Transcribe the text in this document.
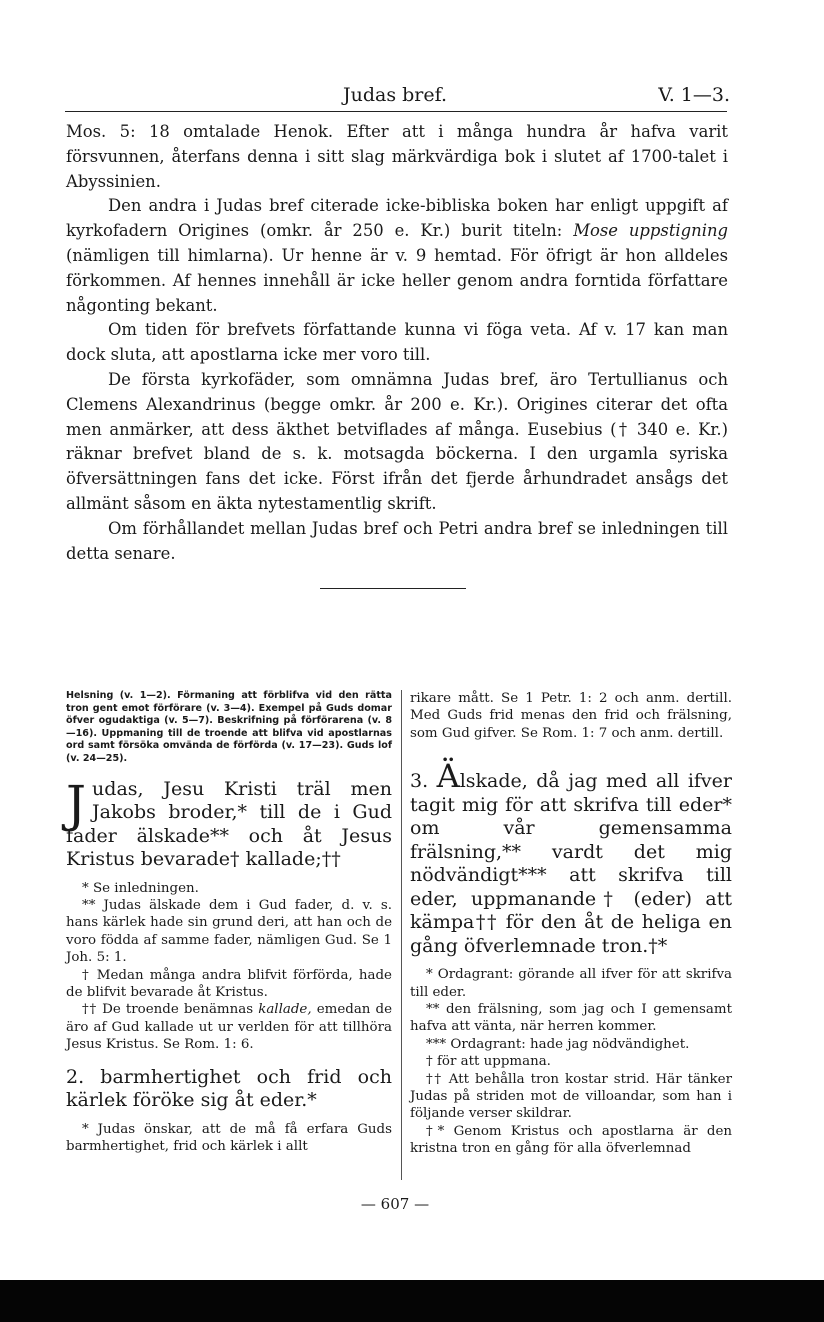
Judas bref.	V. 1—3.

Mos. 5: 18 omtalade Henok. Efter att i många hundra år hafva varit försvunnen, återfans denna i sitt slag märkvärdiga bok i slutet af 1700-talet i Abyssinien.

Den andra i Judas bref citerade icke-bibliska boken har enligt uppgift af kyrkofadern Origines (omkr. år 250 e. Kr.) burit titeln: Mose uppstigning (nämligen till himlarna). Ur henne är v. 9 hemtad. För öfrigt är hon alldeles förkommen. Af hennes innehåll är icke heller genom andra forntida författare någonting bekant.

Om tiden för brefvets författande kunna vi föga veta. Af v. 17 kan man dock sluta, att apostlarna icke mer voro till.

De första kyrkofäder, som omnämna Judas bref, äro Tertullianus och Clemens Alexandrinus (begge omkr. år 200 e. Kr.). Origines citerar det ofta men anmärker, att dess äkthet betviflades af många. Eusebius († 340 e. Kr.) räknar brefvet bland de s. k. motsagda böckerna. I den urgamla syriska öfversättningen fans det icke. Först ifrån det fjerde århundradet ansågs det allmänt såsom en äkta nytestamentlig skrift.

Om förhållandet mellan Judas bref och Petri andra bref se inledningen till detta senare.

Helsning (v. 1—2). Förmaning att förblifva vid den rätta tron gent emot förförare (v. 3—4). Exempel på Guds domar öfver ogudaktiga (v. 5—7). Beskrifning på förförarena (v. 8—16). Uppmaning till de troende att blifva vid apostlarnas ord samt försöka omvända de förförda (v. 17—23). Guds lof (v. 24—25).

Judas, Jesu Kristi träl men Jakobs broder,* till de i Gud fader älskade** och åt Jesus Kristus bevarade† kallade;††

* Se inledningen.

** Judas älskade dem i Gud fader, d. v. s. hans kärlek hade sin grund deri, att han och de voro födda af samme fader, nämligen Gud. Se 1 Joh. 5: 1.

† Medan många andra blifvit förförda, hade de blifvit bevarade åt Kristus.

†† De troende benämnas kallade, emedan de äro af Gud kallade ut ur verlden för att tillhöra Jesus Kristus. Se Rom. 1: 6.

2. barmhertighet och frid och kärlek föröke sig åt eder.*

* Judas önskar, att de må få erfara Guds barmhertighet, frid och kärlek i allt

rikare mått. Se 1 Petr. 1: 2 och anm. dertill. Med Guds frid menas den frid och frälsning, som Gud gifver. Se Rom. 1: 7 och anm. dertill.

3. Älskade, då jag med all ifver tagit mig för att skrifva till eder* om vår gemensamma frälsning,** vardt det mig nödvändigt*** att skrifva till eder, uppmanande† (eder) att kämpa†† för den åt de heliga en gång öfverlemnade tron.†*

* Ordagrant: görande all ifver för att skrifva till eder.

** den frälsning, som jag och I gemensamt hafva att vänta, när herren kommer.

*** Ordagrant: hade jag nödvändighet.

† för att uppmana.

†† Att behålla tron kostar strid. Här tänker Judas på striden mot de villoandar, som han i följande verser skildrar.

†* Genom Kristus och apostlarna är den kristna tron en gång för alla öfverlemnad

— 607 —
